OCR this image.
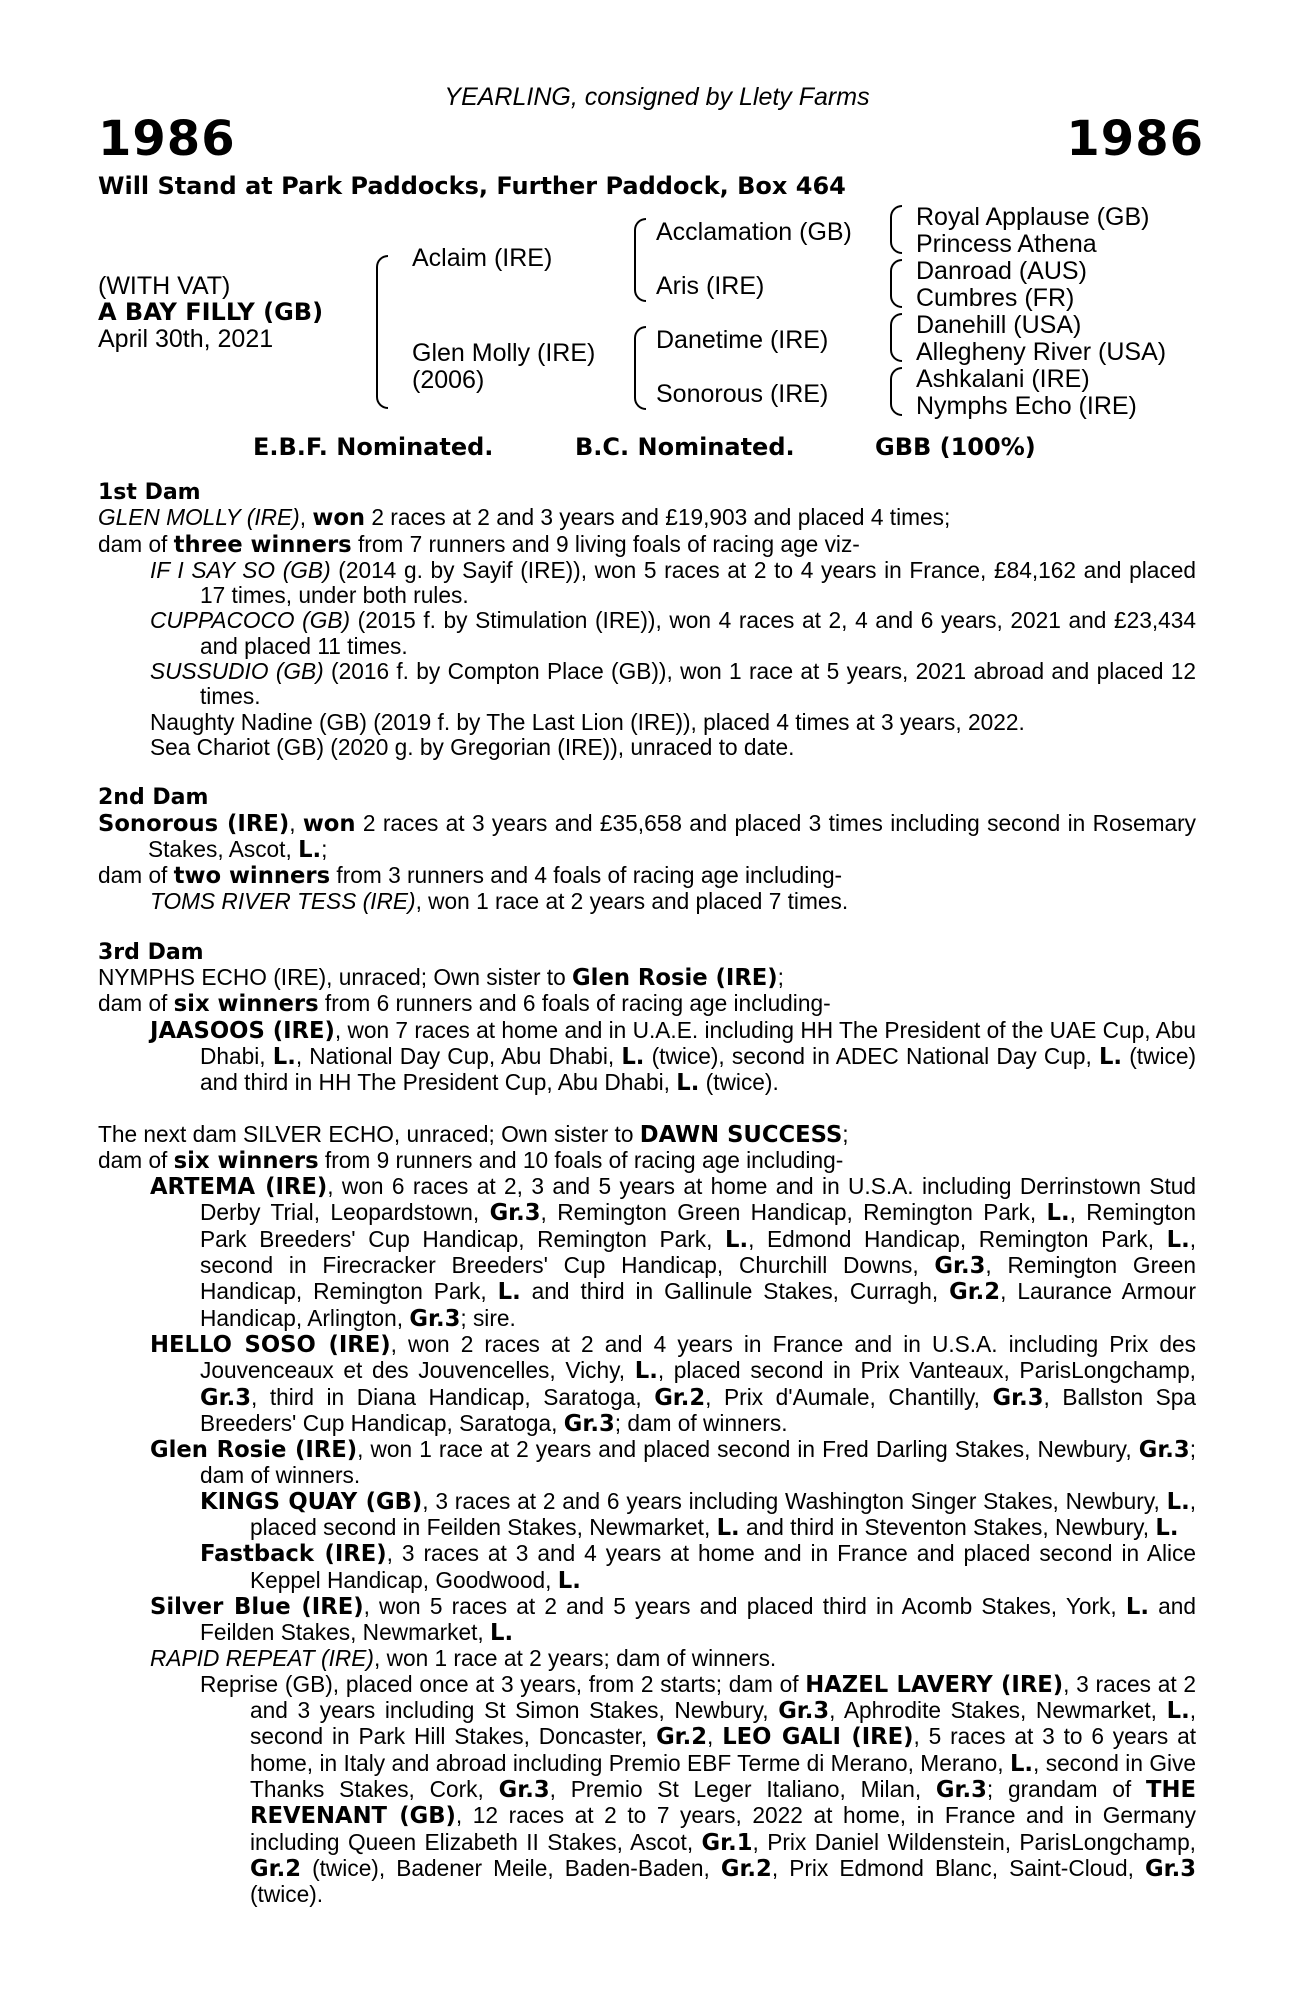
YEARLING, consigned by Llety Farms
1986	1986
Will Stand at Park Paddocks, Further Paddock, Box 464
(WITH VAT)
A BAY FILLY (GB)
April 30th, 2021
Aclaim (IRE)
Glen Molly (IRE)
(2006)
Acclamation (GB)
Aris (IRE)
Danetime (IRE)
Sonorous (IRE)
Royal Applause (GB)
Princess Athena
Danroad (AUS)
Cumbres (FR)
Danehill (USA)
Allegheny River (USA)
Ashkalani (IRE)
Nymphs Echo (IRE)
E.B.F. Nominated.	B.C. Nominated.	GBB (100%)

1st Dam

GLEN MOLLY (IRE), won 2 races at 2 and 3 years and £19,903 and placed 4 times;

dam of three winners from 7 runners and 9 living foals of racing age viz-

IF I SAY SO (GB) (2014 g. by Sayif (IRE)), won 5 races at 2 to 4 years in France, £84,162 and placed 17 times, under both rules.

CUPPACOCO (GB) (2015 f. by Stimulation (IRE)), won 4 races at 2, 4 and 6 years, 2021 and £23,434 and placed 11 times.

SUSSUDIO (GB) (2016 f. by Compton Place (GB)), won 1 race at 5 years, 2021 abroad and placed 12 times.

Naughty Nadine (GB) (2019 f. by The Last Lion (IRE)), placed 4 times at 3 years, 2022.

Sea Chariot (GB) (2020 g. by Gregorian (IRE)), unraced to date.

2nd Dam

Sonorous (IRE), won 2 races at 3 years and £35,658 and placed 3 times including second in Rosemary Stakes, Ascot, L.;

dam of two winners from 3 runners and 4 foals of racing age including-

TOMS RIVER TESS (IRE), won 1 race at 2 years and placed 7 times.

3rd Dam

NYMPHS ECHO (IRE), unraced; Own sister to Glen Rosie (IRE);

dam of six winners from 6 runners and 6 foals of racing age including-

JAASOOS (IRE), won 7 races at home and in U.A.E. including HH The President of the UAE Cup, Abu Dhabi, L., National Day Cup, Abu Dhabi, L. (twice), second in ADEC National Day Cup, L. (twice) and third in HH The President Cup, Abu Dhabi, L. (twice).

The next dam SILVER ECHO, unraced; Own sister to DAWN SUCCESS;

dam of six winners from 9 runners and 10 foals of racing age including-

ARTEMA (IRE), won 6 races at 2, 3 and 5 years at home and in U.S.A. including Derrinstown Stud Derby Trial, Leopardstown, Gr.3, Remington Green Handicap, Remington Park, L., Remington Park Breeders' Cup Handicap, Remington Park, L., Edmond Handicap, Remington Park, L., second in Firecracker Breeders' Cup Handicap, Churchill Downs, Gr.3, Remington Green Handicap, Remington Park, L. and third in Gallinule Stakes, Curragh, Gr.2, Laurance Armour Handicap, Arlington, Gr.3; sire.

HELLO SOSO (IRE), won 2 races at 2 and 4 years in France and in U.S.A. including Prix des Jouvenceaux et des Jouvencelles, Vichy, L., placed second in Prix Vanteaux, ParisLongchamp, Gr.3, third in Diana Handicap, Saratoga, Gr.2, Prix d'Aumale, Chantilly, Gr.3, Ballston Spa Breeders' Cup Handicap, Saratoga, Gr.3; dam of winners.

Glen Rosie (IRE), won 1 race at 2 years and placed second in Fred Darling Stakes, Newbury, Gr.3; dam of winners.

KINGS QUAY (GB), 3 races at 2 and 6 years including Washington Singer Stakes, Newbury, L., placed second in Feilden Stakes, Newmarket, L. and third in Steventon Stakes, Newbury, L.

Fastback (IRE), 3 races at 3 and 4 years at home and in France and placed second in Alice Keppel Handicap, Goodwood, L.

Silver Blue (IRE), won 5 races at 2 and 5 years and placed third in Acomb Stakes, York, L. and Feilden Stakes, Newmarket, L.

RAPID REPEAT (IRE), won 1 race at 2 years; dam of winners.

Reprise (GB), placed once at 3 years, from 2 starts; dam of HAZEL LAVERY (IRE), 3 races at 2 and 3 years including St Simon Stakes, Newbury, Gr.3, Aphrodite Stakes, Newmarket, L., second in Park Hill Stakes, Doncaster, Gr.2, LEO GALI (IRE), 5 races at 3 to 6 years at home, in Italy and abroad including Premio EBF Terme di Merano, Merano, L., second in Give Thanks Stakes, Cork, Gr.3, Premio St Leger Italiano, Milan, Gr.3; grandam of THE REVENANT (GB), 12 races at 2 to 7 years, 2022 at home, in France and in Germany including Queen Elizabeth II Stakes, Ascot, Gr.1, Prix Daniel Wildenstein, ParisLongchamp, Gr.2 (twice), Badener Meile, Baden-Baden, Gr.2, Prix Edmond Blanc, Saint-Cloud, Gr.3 (twice).
